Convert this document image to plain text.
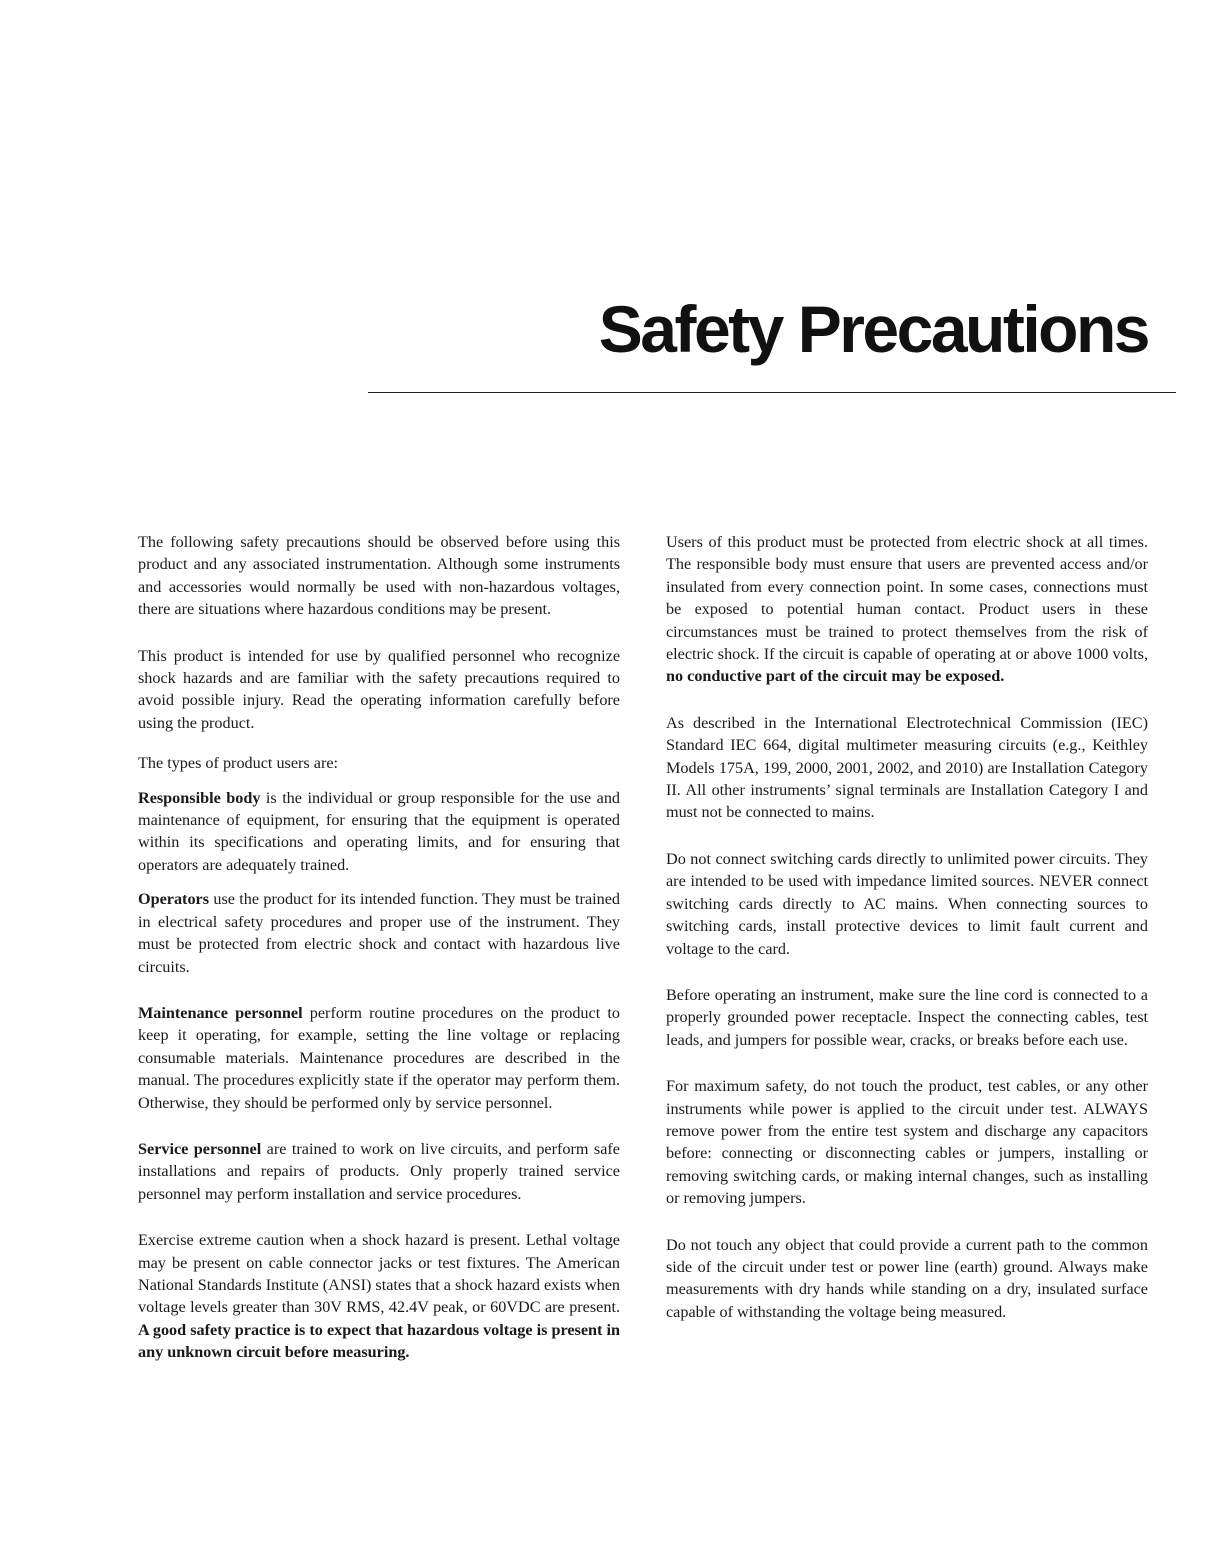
Safety Precautions

The following safety precautions should be observed before using this product and any associated instrumentation. Although some instruments and accessories would normally be used with non-hazardous voltages, there are situations where hazardous conditions may be present.

This product is intended for use by qualified personnel who recognize shock hazards and are familiar with the safety precautions required to avoid possible injury. Read the operating information carefully before using the product.

The types of product users are:

Responsible body is the individual or group responsible for the use and maintenance of equipment, for ensuring that the equipment is operated within its specifications and operating limits, and for ensuring that operators are adequately trained.

Operators use the product for its intended function. They must be trained in electrical safety procedures and proper use of the instrument. They must be protected from electric shock and contact with hazardous live circuits.

Maintenance personnel perform routine procedures on the product to keep it operating, for example, setting the line voltage or replacing consumable materials. Maintenance procedures are described in the manual. The procedures explicitly state if the operator may perform them. Otherwise, they should be performed only by service personnel.

Service personnel are trained to work on live circuits, and perform safe installations and repairs of products. Only properly trained service personnel may perform installation and service procedures.

Exercise extreme caution when a shock hazard is present. Lethal voltage may be present on cable connector jacks or test fixtures. The American National Standards Institute (ANSI) states that a shock hazard exists when voltage levels greater than 30V RMS, 42.4V peak, or 60VDC are present. A good safety practice is to expect that hazardous voltage is present in any unknown circuit before measuring.

Users of this product must be protected from electric shock at all times. The responsible body must ensure that users are prevented access and/or insulated from every connection point. In some cases, connections must be exposed to potential human contact. Product users in these circumstances must be trained to protect themselves from the risk of electric shock. If the circuit is capable of operating at or above 1000 volts, no conductive part of the circuit may be exposed.

As described in the International Electrotechnical Commission (IEC) Standard IEC 664, digital multimeter measuring circuits (e.g., Keithley Models 175A, 199, 2000, 2001, 2002, and 2010) are Installation Category II. All other instruments’ signal terminals are Installation Category I and must not be connected to mains.

Do not connect switching cards directly to unlimited power circuits. They are intended to be used with impedance limited sources. NEVER connect switching cards directly to AC mains. When connecting sources to switching cards, install protective devices to limit fault current and voltage to the card.

Before operating an instrument, make sure the line cord is connected to a properly grounded power receptacle. Inspect the connecting cables, test leads, and jumpers for possible wear, cracks, or breaks before each use.

For maximum safety, do not touch the product, test cables, or any other instruments while power is applied to the circuit under test. ALWAYS remove power from the entire test system and discharge any capacitors before: connecting or disconnecting cables or jumpers, installing or removing switching cards, or making internal changes, such as installing or removing jumpers.

Do not touch any object that could provide a current path to the common side of the circuit under test or power line (earth) ground. Always make measurements with dry hands while standing on a dry, insulated surface capable of withstanding the voltage being measured.
